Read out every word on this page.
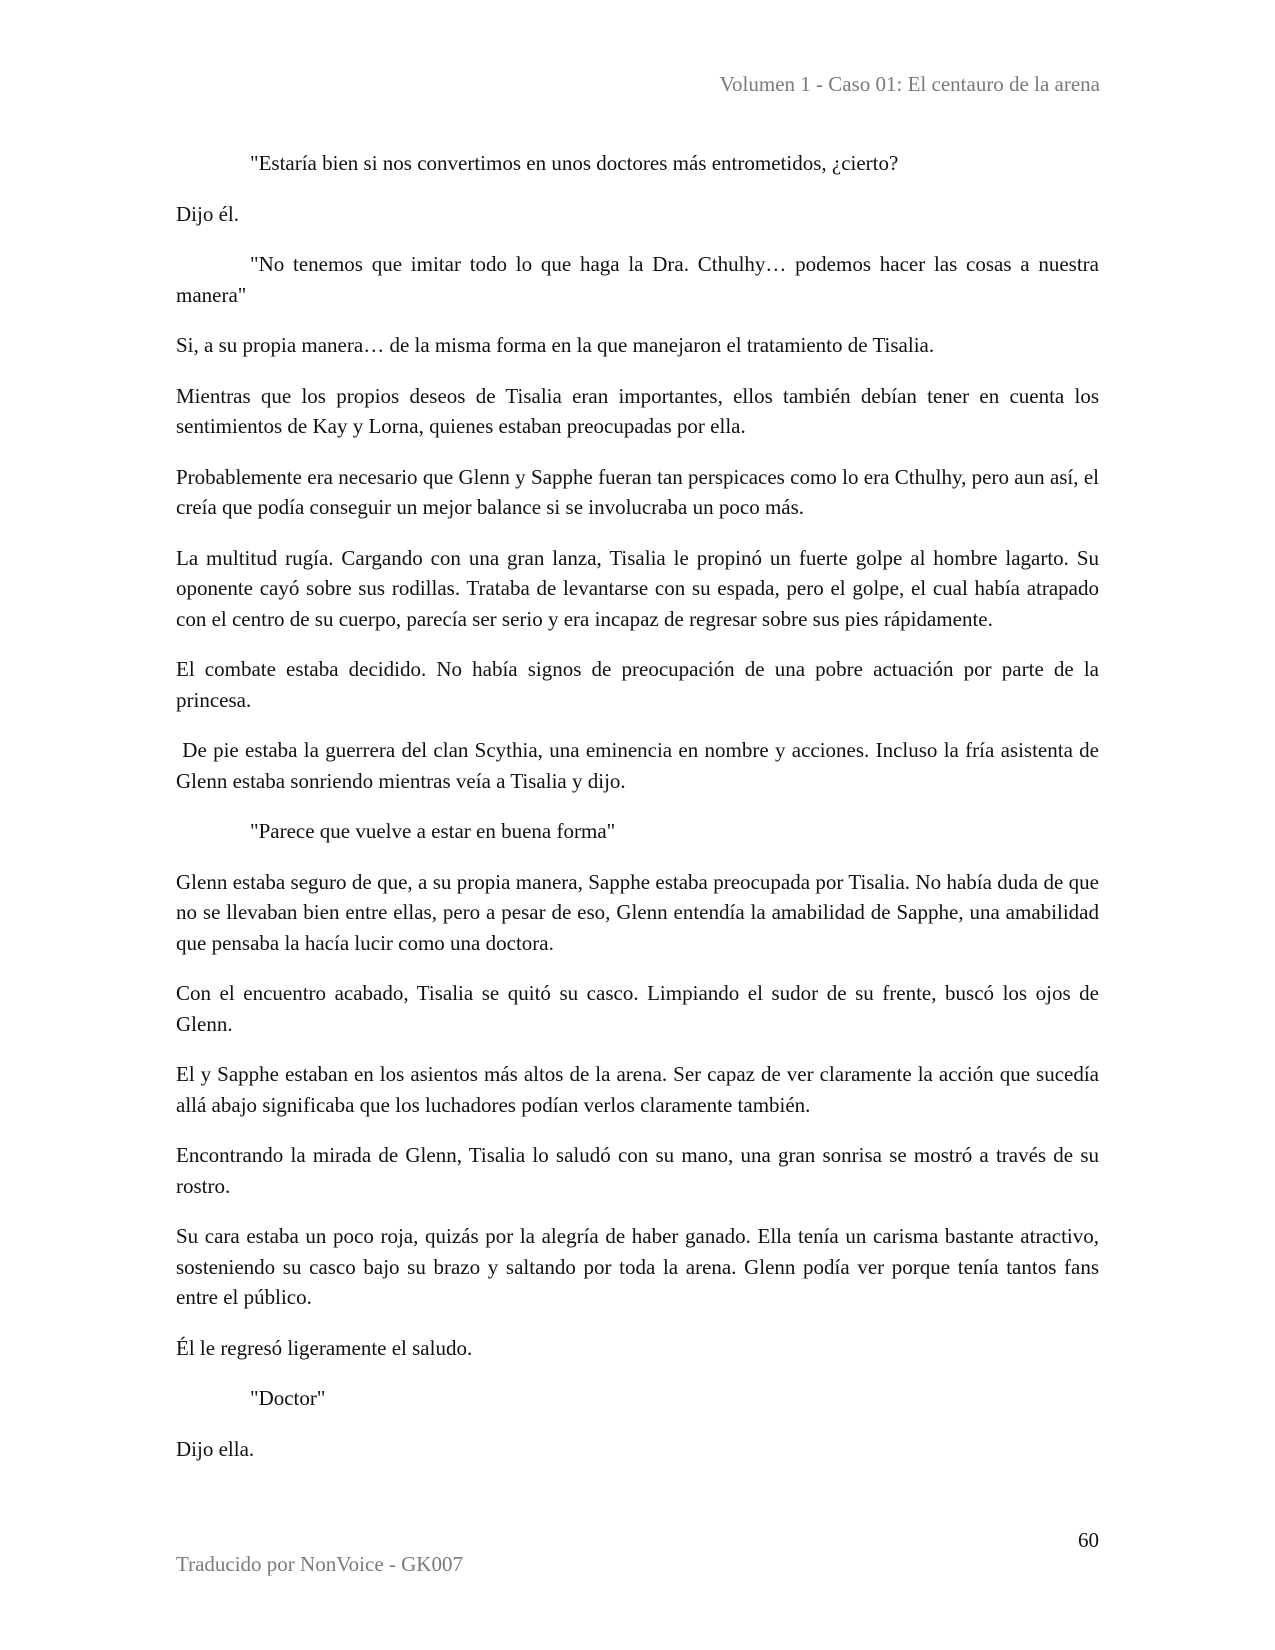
Volumen 1 - Caso 01: El centauro de la arena

"Estaría bien si nos convertimos en unos doctores más entrometidos, ¿cierto?

Dijo él.

"No tenemos que imitar todo lo que haga la Dra. Cthulhy… podemos hacer las cosas a nuestra manera"

Si, a su propia manera… de la misma forma en la que manejaron el tratamiento de Tisalia.

Mientras que los propios deseos de Tisalia eran importantes, ellos también debían tener en cuenta los sentimientos de Kay y Lorna, quienes estaban preocupadas por ella.

Probablemente era necesario que Glenn y Sapphe fueran tan perspicaces como lo era Cthulhy, pero aun así, el creía que podía conseguir un mejor balance si se involucraba un poco más.

La multitud rugía. Cargando con una gran lanza, Tisalia le propinó un fuerte golpe al hombre lagarto. Su oponente cayó sobre sus rodillas. Trataba de levantarse con su espada, pero el golpe, el cual había atrapado con el centro de su cuerpo, parecía ser serio y era incapaz de regresar sobre sus pies rápidamente.

El combate estaba decidido. No había signos de preocupación de una pobre actuación por parte de la princesa.

De pie estaba la guerrera del clan Scythia, una eminencia en nombre y acciones. Incluso la fría asistenta de Glenn estaba sonriendo mientras veía a Tisalia y dijo.

"Parece que vuelve a estar en buena forma"

Glenn estaba seguro de que, a su propia manera, Sapphe estaba preocupada por Tisalia. No había duda de que no se llevaban bien entre ellas, pero a pesar de eso, Glenn entendía la amabilidad de Sapphe, una amabilidad que pensaba la hacía lucir como una doctora.

Con el encuentro acabado, Tisalia se quitó su casco. Limpiando el sudor de su frente, buscó los ojos de Glenn.

El y Sapphe estaban en los asientos más altos de la arena. Ser capaz de ver claramente la acción que sucedía allá abajo significaba que los luchadores podían verlos claramente también.

Encontrando la mirada de Glenn, Tisalia lo saludó con su mano, una gran sonrisa se mostró a través de su rostro.

Su cara estaba un poco roja, quizás por la alegría de haber ganado. Ella tenía un carisma bastante atractivo, sosteniendo su casco bajo su brazo y saltando por toda la arena. Glenn podía ver porque tenía tantos fans entre el público.

Él le regresó ligeramente el saludo.

"Doctor"

Dijo ella.

60
Traducido por NonVoice - GK007
